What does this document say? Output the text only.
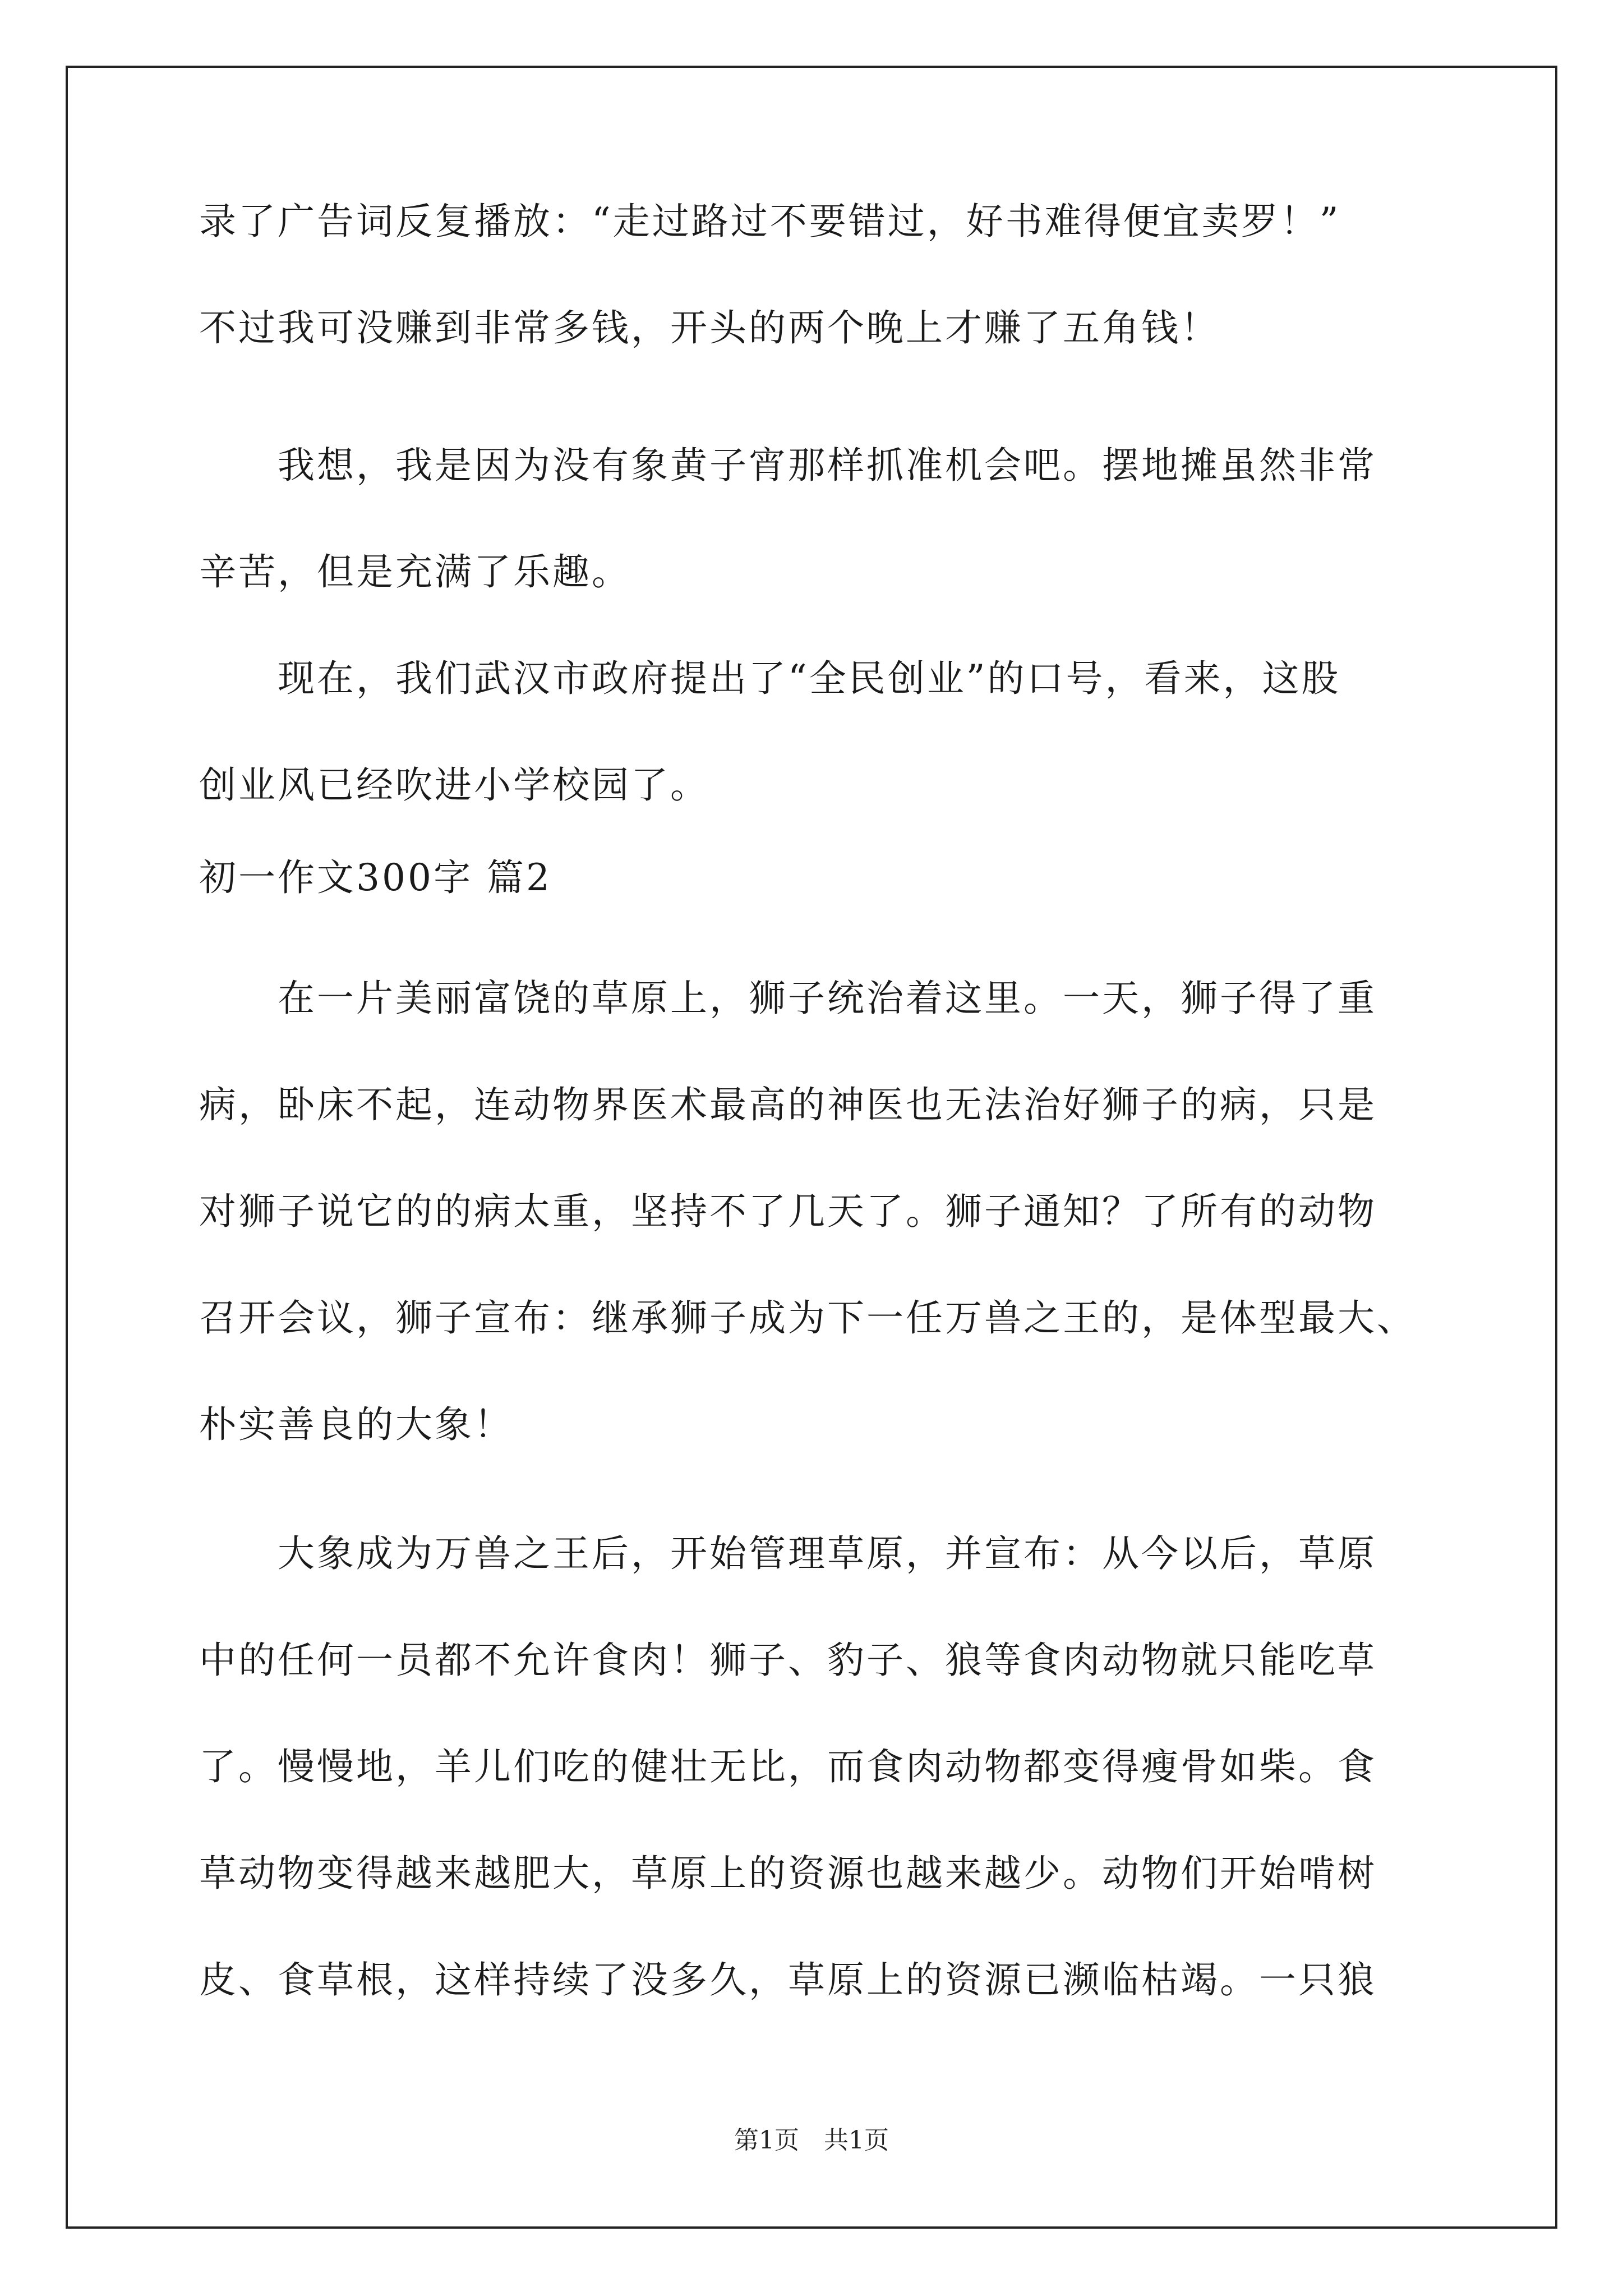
录了广告词反复播放：“走过路过不要错过，好书难得便宜卖罗！”
不过我可没赚到非常多钱，开头的两个晚上才赚了五角钱！
我想，我是因为没有象黄子宵那样抓准机会吧。摆地摊虽然非常
辛苦，但是充满了乐趣。
现在，我们武汉市政府提出了“全民创业”的口号，看来，这股
创业风已经吹进小学校园了。
初一作文300字 篇2
在一片美丽富饶的草原上，狮子统治着这里。一天，狮子得了重
病，卧床不起，连动物界医术最高的神医也无法治好狮子的病，只是
对狮子说它的的病太重，坚持不了几天了。狮子通知？了所有的动物
召开会议，狮子宣布：继承狮子成为下一任万兽之王的，是体型最大、
朴实善良的大象！
大象成为万兽之王后，开始管理草原，并宣布：从今以后，草原
中的任何一员都不允许食肉！狮子、豹子、狼等食肉动物就只能吃草
了。慢慢地，羊儿们吃的健壮无比，而食肉动物都变得瘦骨如柴。食
草动物变得越来越肥大，草原上的资源也越来越少。动物们开始啃树
皮、食草根，这样持续了没多久，草原上的资源已濒临枯竭。一只狼
第1页　共1页
